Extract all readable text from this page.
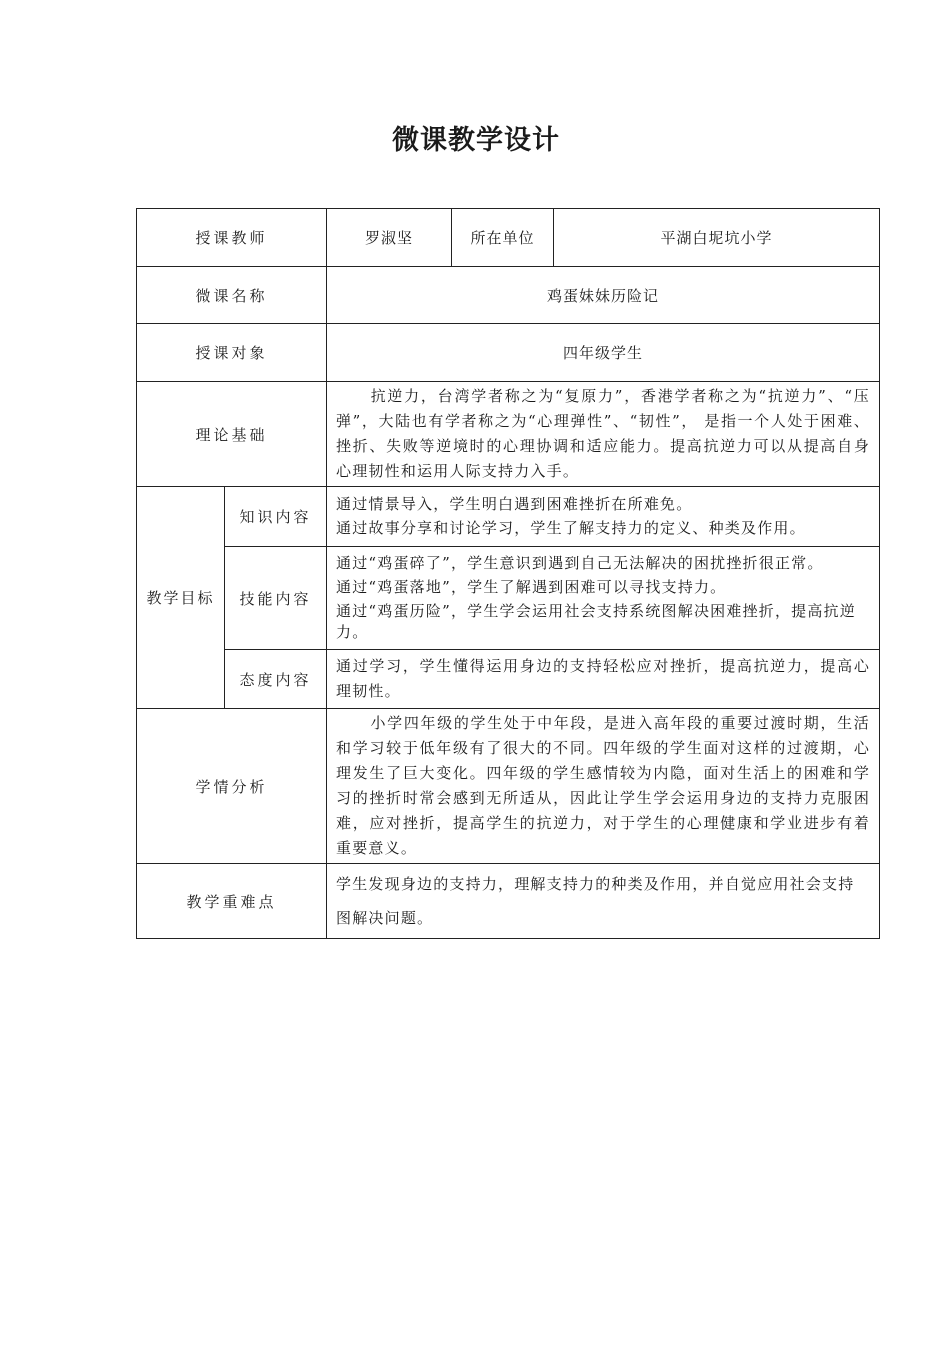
微课教学设计
授课教师		罗淑坚	所在单位	平湖白坭坑小学
微课名称		鸡蛋妹妹历险记		
授课对象		四年级学生		
理论基础		抗逆力，台湾学者称之为“复原力”，香港学者称之为“抗逆力”、“压弹”，大陆也有学者称之为“心理弹性”、“韧性”， 是指一个人处于困难、挫折、失败等逆境时的心理协调和适应能力。提高抗逆力可以从提高自身心理韧性和运用人际支持力入手。		
教学目标	知识内容	通过情景导入，学生明白遇到困难挫折在所难免。
通过故事分享和讨论学习，学生了解支持力的定义、种类及作用。		

	技能内容	通过“鸡蛋碎了”，学生意识到遇到自己无法解决的困扰挫折很正常。
通过“鸡蛋落地”，学生了解遇到困难可以寻找支持力。
通过“鸡蛋历险”，学生学会运用社会支持系统图解决困难挫折，提高抗逆力。		

	态度内容	通过学习，学生懂得运用身边的支持轻松应对挫折，提高抗逆力，提高心理韧性。		
学情分析		小学四年级的学生处于中年段，是进入高年段的重要过渡时期，生活和学习较于低年级有了很大的不同。四年级的学生面对这样的过渡期，心理发生了巨大变化。四年级的学生感情较为内隐，面对生活上的困难和学习的挫折时常会感到无所适从，因此让学生学会运用身边的支持力克服困难，应对挫折，提高学生的抗逆力，对于学生的心理健康和学业进步有着重要意义。		
教学重难点		学生发现身边的支持力，理解支持力的种类及作用，并自觉应用社会支持图解决问题。		
